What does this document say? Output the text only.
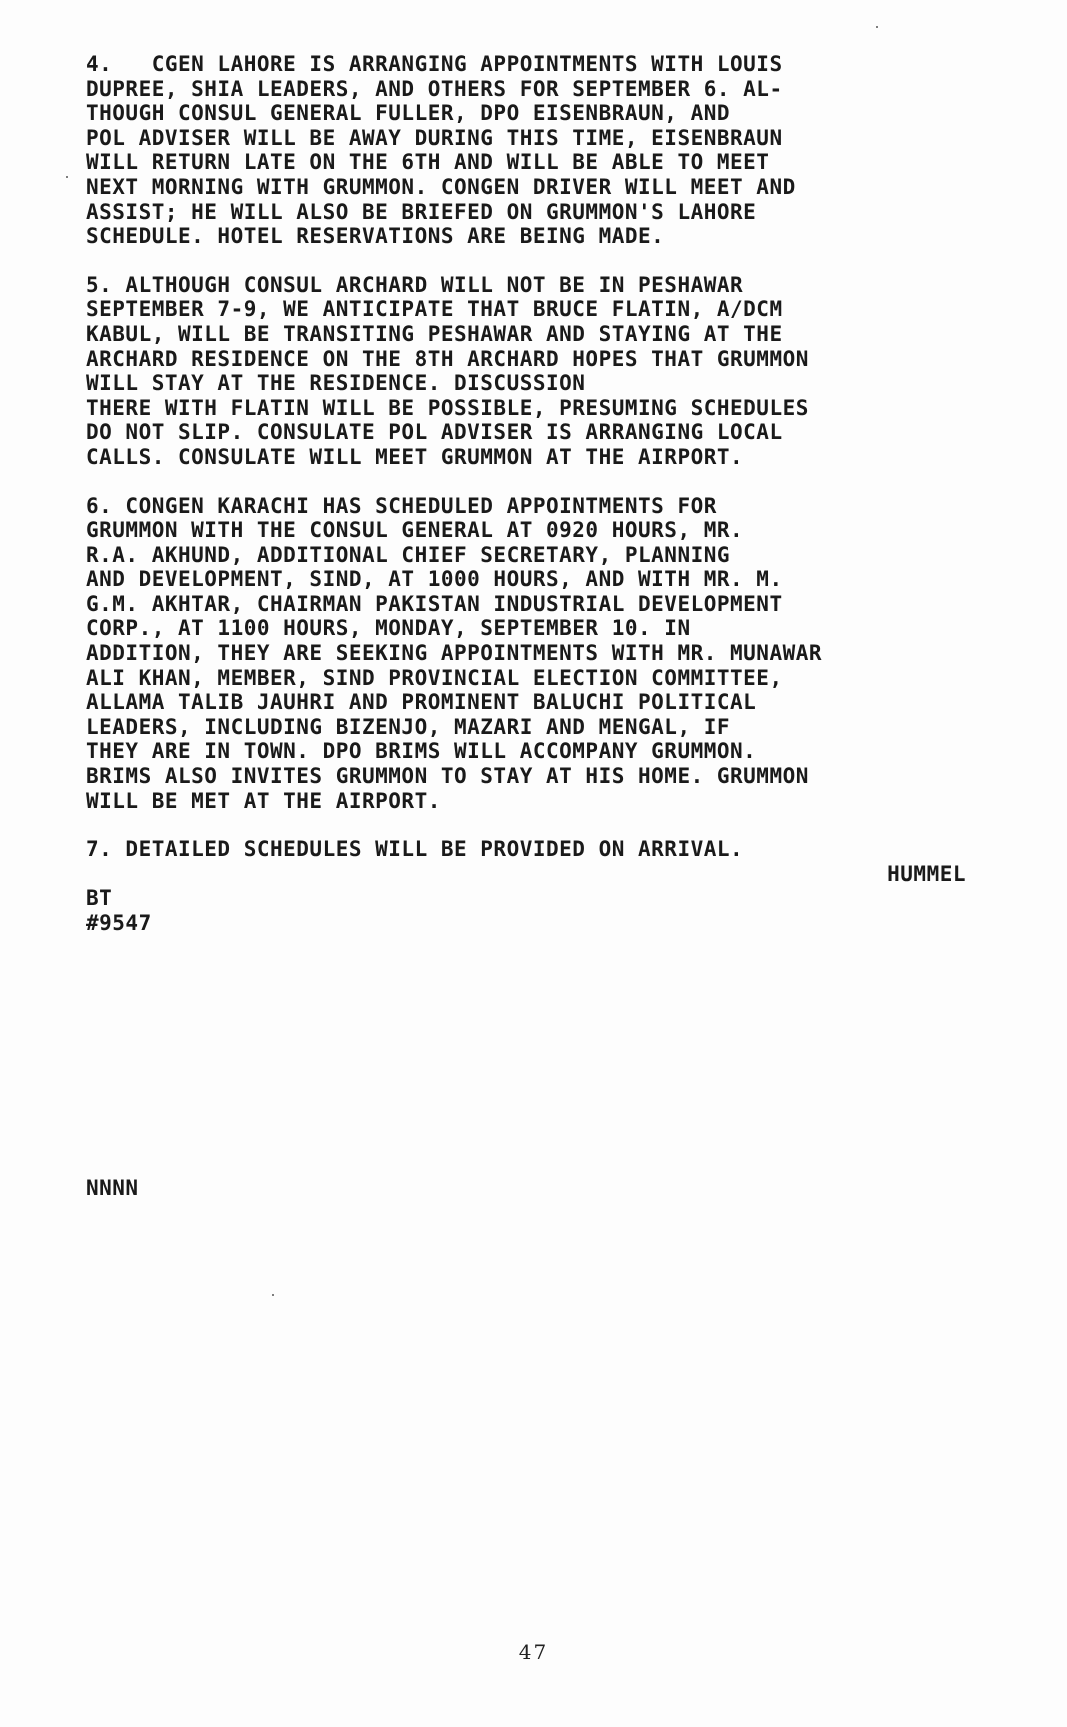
4.   CGEN LAHORE IS ARRANGING APPOINTMENTS WITH LOUIS
DUPREE, SHIA LEADERS, AND OTHERS FOR SEPTEMBER 6. AL-
THOUGH CONSUL GENERAL FULLER, DPO EISENBRAUN, AND
POL ADVISER WILL BE AWAY DURING THIS TIME, EISENBRAUN
WILL RETURN LATE ON THE 6TH AND WILL BE ABLE TO MEET
NEXT MORNING WITH GRUMMON. CONGEN DRIVER WILL MEET AND
ASSIST; HE WILL ALSO BE BRIEFED ON GRUMMON'S LAHORE
SCHEDULE. HOTEL RESERVATIONS ARE BEING MADE.
5. ALTHOUGH CONSUL ARCHARD WILL NOT BE IN PESHAWAR
SEPTEMBER 7-9, WE ANTICIPATE THAT BRUCE FLATIN, A/DCM
KABUL, WILL BE TRANSITING PESHAWAR AND STAYING AT THE
ARCHARD RESIDENCE ON THE 8TH ARCHARD HOPES THAT GRUMMON
WILL STAY AT THE RESIDENCE. DISCUSSION
THERE WITH FLATIN WILL BE POSSIBLE, PRESUMING SCHEDULES
DO NOT SLIP. CONSULATE POL ADVISER IS ARRANGING LOCAL
CALLS. CONSULATE WILL MEET GRUMMON AT THE AIRPORT.
6. CONGEN KARACHI HAS SCHEDULED APPOINTMENTS FOR
GRUMMON WITH THE CONSUL GENERAL AT 0920 HOURS, MR.
R.A. AKHUND, ADDITIONAL CHIEF SECRETARY, PLANNING
AND DEVELOPMENT, SIND, AT 1000 HOURS, AND WITH MR. M.
G.M. AKHTAR, CHAIRMAN PAKISTAN INDUSTRIAL DEVELOPMENT
CORP., AT 1100 HOURS, MONDAY, SEPTEMBER 10. IN
ADDITION, THEY ARE SEEKING APPOINTMENTS WITH MR. MUNAWAR
ALI KHAN, MEMBER, SIND PROVINCIAL ELECTION COMMITTEE,
ALLAMA TALIB JAUHRI AND PROMINENT BALUCHI POLITICAL
LEADERS, INCLUDING BIZENJO, MAZARI AND MENGAL, IF
THEY ARE IN TOWN. DPO BRIMS WILL ACCOMPANY GRUMMON.
BRIMS ALSO INVITES GRUMMON TO STAY AT HIS HOME. GRUMMON
WILL BE MET AT THE AIRPORT.
7. DETAILED SCHEDULES WILL BE PROVIDED ON ARRIVAL.
HUMMEL
BT
#9547
NNNN
47
